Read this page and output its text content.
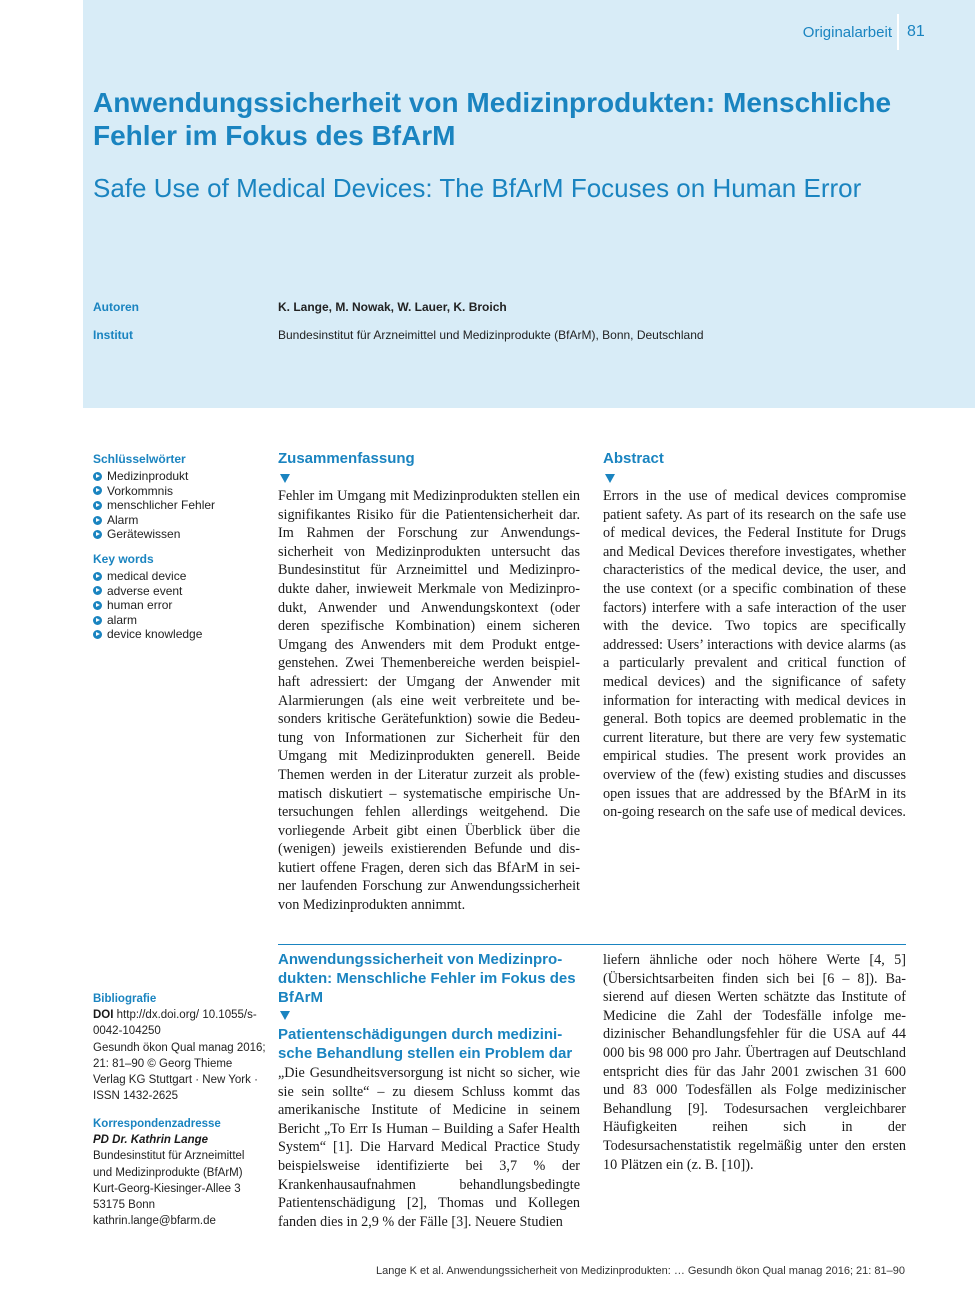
Originalarbeit 81
Anwendungssicherheit von Medizinprodukten: Menschliche Fehler im Fokus des BfArM
Safe Use of Medical Devices: The BfArM Focuses on Human Error
Autoren	K. Lange, M. Nowak, W. Lauer, K. Broich
Institut	Bundesinstitut für Arzneimittel und Medizinprodukte (BfArM), Bonn, Deutschland
Schlüsselwörter
Medizinprodukt
Vorkommnis
menschlicher Fehler
Alarm
Gerätewissen
Key words
medical device
adverse event
human error
alarm
device knowledge
Zusammenfassung

Fehler im Umgang mit Medizinprodukten stellen ein signifikantes Risiko für die Patientensicherheit dar. Im Rahmen der Forschung zur Anwendungssicherheit von Medizinprodukten untersucht das Bundesinstitut für Arzneimittel und Medizinprodukte daher, inwieweit Merkmale von Medizinprodukt, Anwender und Anwendungskontext (oder deren spezifische Kombination) einem sicheren Umgang des Anwenders mit dem Produkt entgegenstehen. Zwei Themenbereiche werden beispielhaft adressiert: der Umgang der Anwender mit Alarmierungen (als eine weit verbreitete und besonders kritische Gerätefunktion) sowie die Bedeutung von Informationen zur Sicherheit für den Umgang mit Medizinprodukten generell. Beide Themen werden in der Literatur zurzeit als problematisch diskutiert – systematische empirische Untersuchungen fehlen allerdings weitgehend. Die vorliegende Arbeit gibt einen Überblick über die (wenigen) jeweils existierenden Befunde und diskutiert offene Fragen, deren sich das BfArM in seiner laufenden Forschung zur Anwendungssicherheit von Medizinprodukten annimmt.

Abstract

Errors in the use of medical devices compromise patient safety. As part of its research on the safe use of medical devices, the Federal Institute for Drugs and Medical Devices therefore investigates, whether characteristics of the medical device, the user, and the use context (or a specific combination of these factors) interfere with a safe interaction of the user with the device. Two topics are specifically addressed: Users’ interactions with device alarms (as a particularly prevalent and critical function of medical devices) and the significance of safety information for interacting with medical devices in general. Both topics are deemed problematic in the current literature, but there are very few systematic empirical studies. The present work provides an overview of the (few) existing studies and discusses open issues that are addressed by the BfArM in its on-going research on the safe use of medical devices.

Bibliografie
DOI http://dx.doi.org/ 10.1055/s-0042-104250
Gesundh ökon Qual manag 2016; 21: 81–90 © Georg Thieme Verlag KG Stuttgart · New York · ISSN 1432-2625
Korrespondenzadresse
PD Dr. Kathrin Lange
Bundesinstitut für Arzneimittel
und Medizinprodukte (BfArM)
Kurt-Georg-Kiesinger-Allee 3
53175 Bonn
kathrin.lange@bfarm.de
Anwendungssicherheit von Medizinprodukten: Menschliche Fehler im Fokus des BfArM
Patientenschädigungen durch medizinische Behandlung stellen ein Problem dar

„Die Gesundheitsversorgung ist nicht so sicher, wie sie sein sollte“ – zu diesem Schluss kommt das amerikanische Institute of Medicine in seinem Bericht „To Err Is Human – Building a Safer Health System“ [1]. Die Harvard Medical Practice Study beispielsweise identifizierte bei 3,7 % der Krankenhausaufnahmen behandlungsbedingte Patientenschädigung [2], Thomas und Kollegen fanden dies in 2,9 % der Fälle [3]. Neuere Studien

liefern ähnliche oder noch höhere Werte [4, 5] (Übersichtsarbeiten finden sich bei [6 – 8]). Basierend auf diesen Werten schätzte das Institute of Medicine die Zahl der Todesfälle infolge medizinischer Behandlungsfehler für die USA auf 44 000 bis 98 000 pro Jahr. Übertragen auf Deutschland entspricht dies für das Jahr 2001 zwischen 31 600 und 83 000 Todesfällen als Folge medizinischer Behandlung [9]. Todesursachen vergleichbarer Häufigkeiten reihen sich in der Todesursachenstatistik regelmäßig unter den ersten 10 Plätzen ein (z. B. [10]).

Lange K et al. Anwendungssicherheit von Medizinprodukten: … Gesundh ökon Qual manag 2016; 21: 81–90
